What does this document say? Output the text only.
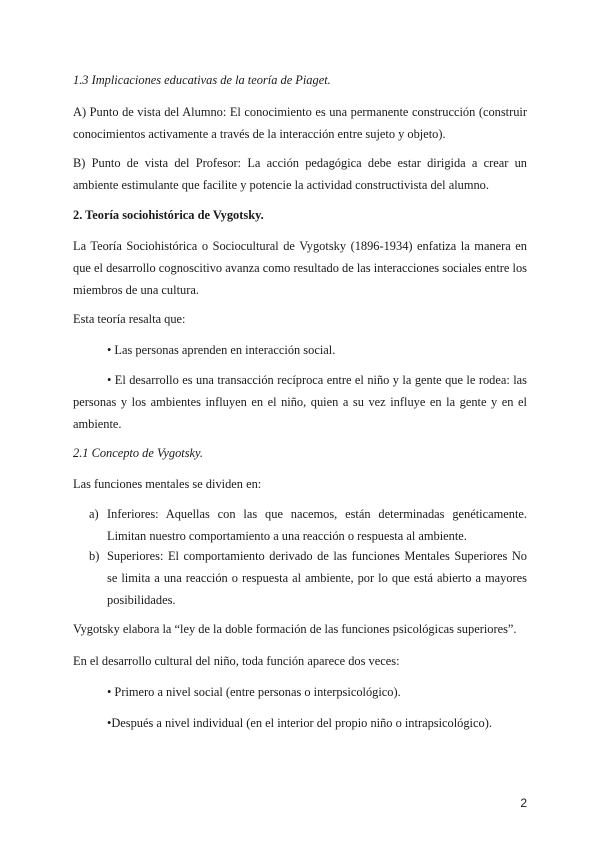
1.3 Implicaciones educativas de la teoría de Piaget.

A) Punto de vista del Alumno: El conocimiento es una permanente construcción (construir conocimientos activamente a través de la interacción entre sujeto y objeto).

B) Punto de vista del Profesor: La acción pedagógica debe estar dirigida a crear un ambiente estimulante que facilite y potencie la actividad constructivista del alumno.

2. Teoría sociohistórica de Vygotsky.

La Teoría Sociohistórica o Sociocultural de Vygotsky (1896-1934) enfatiza la manera en que el desarrollo cognoscitivo avanza como resultado de las interacciones sociales entre los miembros de una cultura.

Esta teoría resalta que:

• Las personas aprenden en interacción social.

• El desarrollo es una transacción recíproca entre el niño y la gente que le rodea: las personas y los ambientes influyen en el niño, quien a su vez influye en la gente y en el ambiente.

2.1 Concepto de Vygotsky.

Las funciones mentales se dividen en:

a) Inferiores: Aquellas con las que nacemos, están determinadas genéticamente. Limitan nuestro comportamiento a una reacción o respuesta al ambiente.
b) Superiores: El comportamiento derivado de las funciones Mentales Superiores No se limita a una reacción o respuesta al ambiente, por lo que está abierto a mayores posibilidades.

Vygotsky elabora la “ley de la doble formación de las funciones psicológicas superiores”.

En el desarrollo cultural del niño, toda función aparece dos veces:

• Primero a nivel social (entre personas o interpsicológico).

•Después a nivel individual (en el interior del propio niño o intrapsicológico).

2
